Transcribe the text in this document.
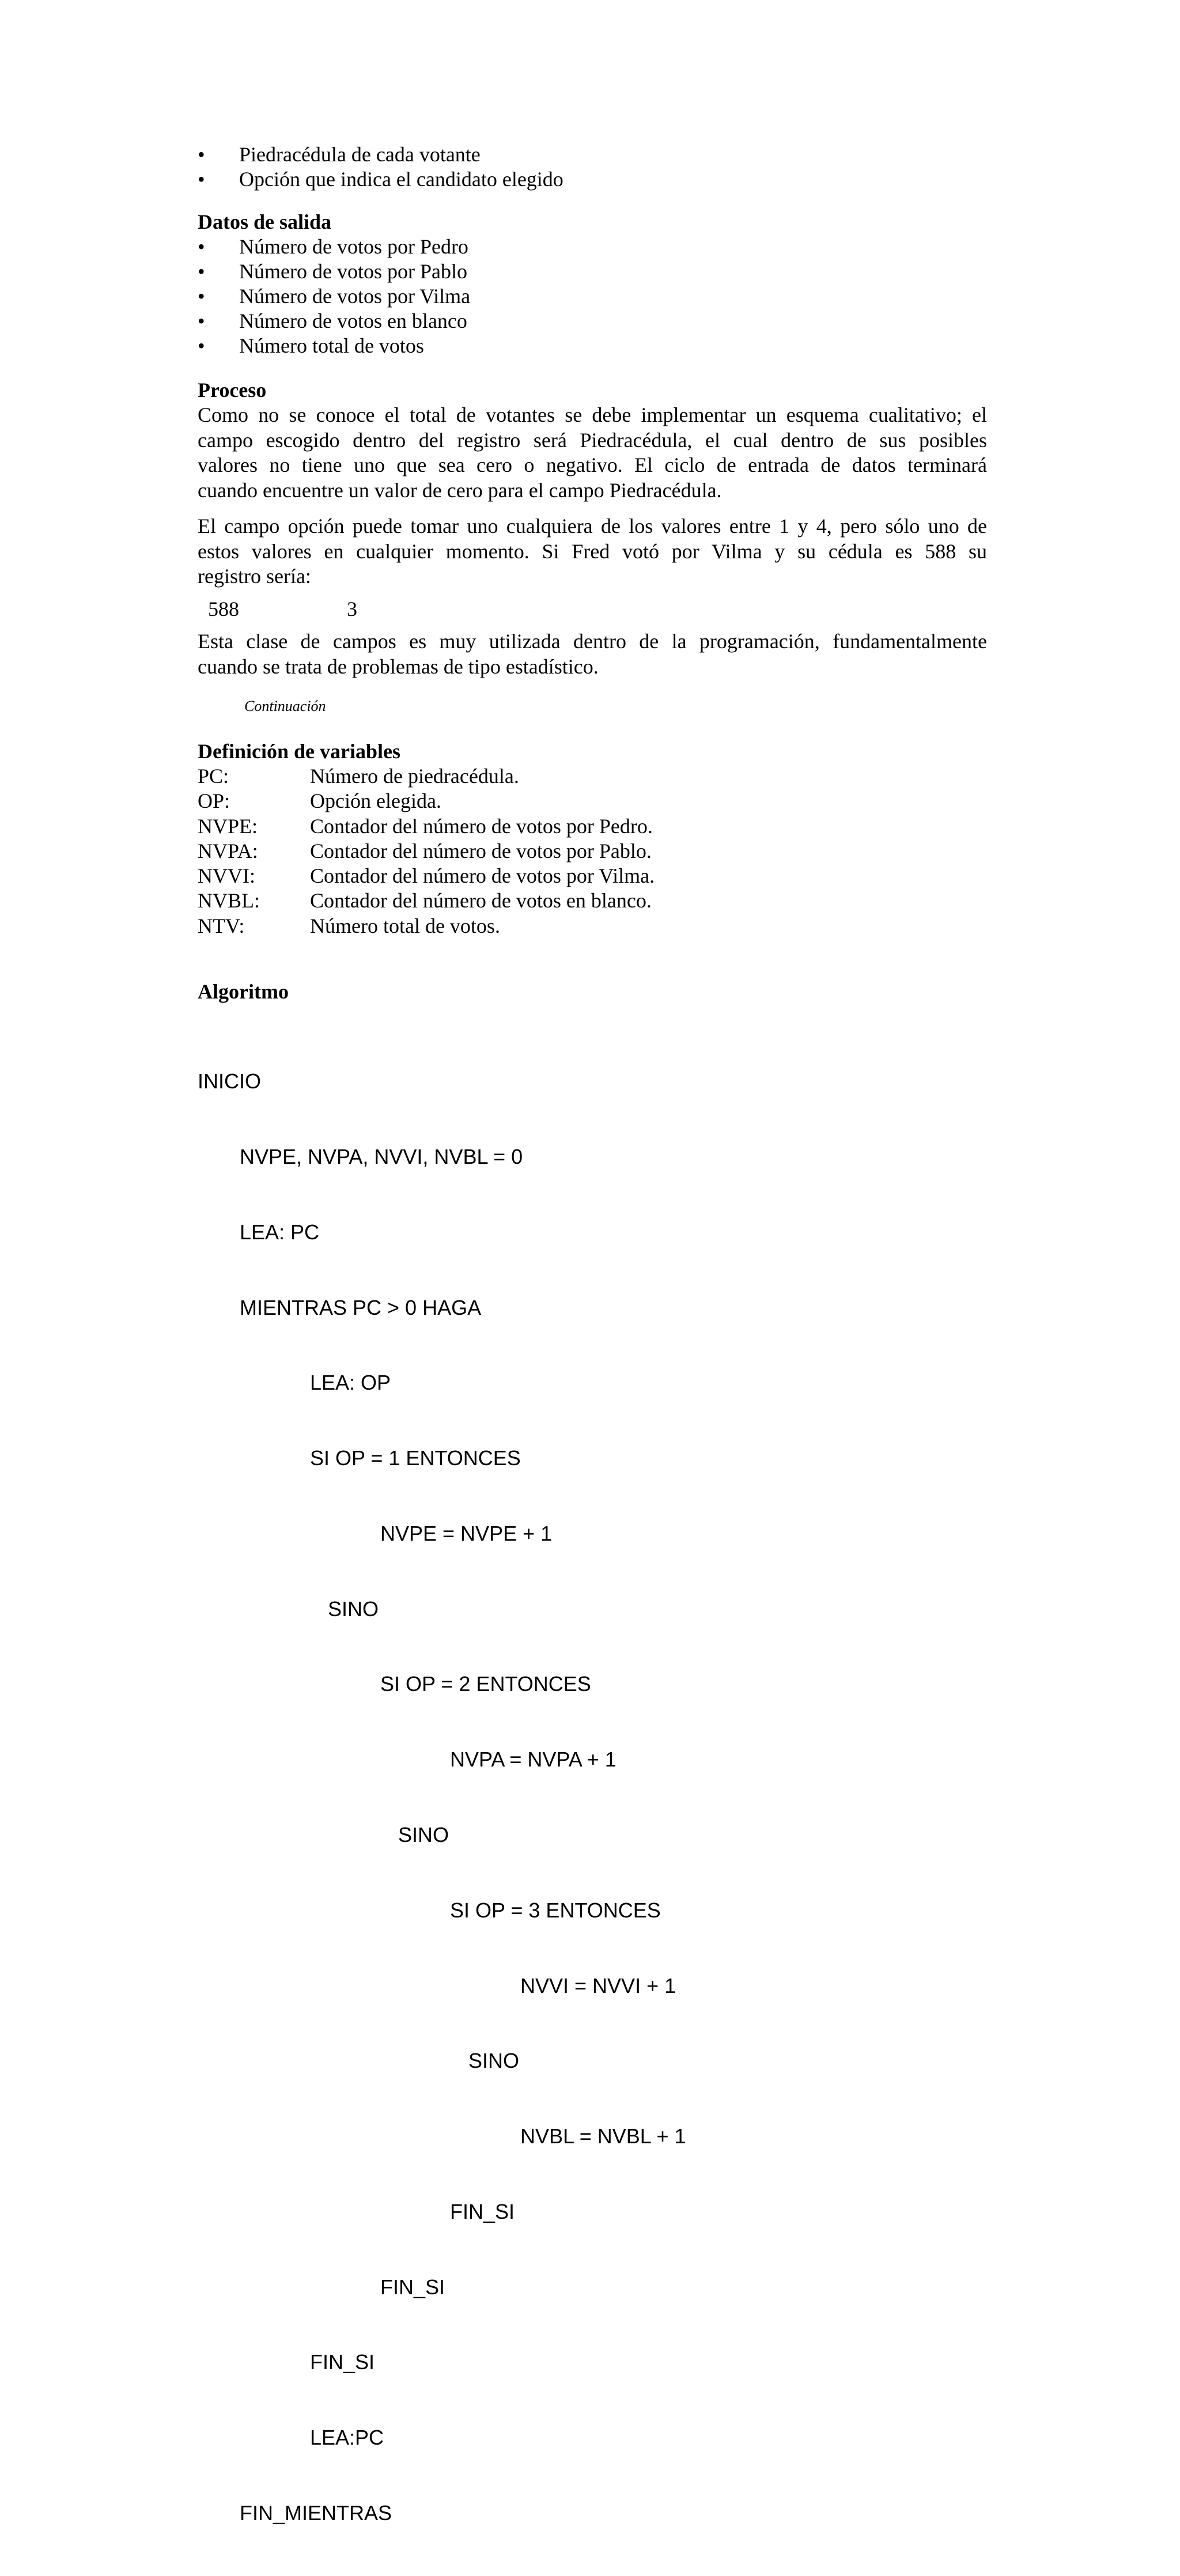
•	Piedracédula de cada votante
•	Opción que indica el candidato elegido
Datos de salida
•	Número de votos por Pedro
•	Número de votos por Pablo
•	Número de votos por Vilma
•	Número de votos en blanco
•	Número total de votos
Proceso
Como no se conoce el total de votantes se debe implementar un esquema cualitativo; el
campo escogido dentro del registro será Piedracédula, el cual dentro de sus posibles
valores no tiene uno que sea cero o negativo. El ciclo de entrada de datos terminará
cuando encuentre un valor de cero para el campo Piedracédula.
El campo opción puede tomar uno cualquiera de los valores entre 1 y 4, pero sólo uno de
estos valores en cualquier momento. Si Fred votó por Vilma y su cédula es 588 su
registro sería:
588	3
Esta clase de campos es muy utilizada dentro de la programación, fundamentalmente
cuando se trata de problemas de tipo estadístico.
Continuación
Definición de variables
PC:	Número de piedracédula.
OP:	Opción elegida.
NVPE:	Contador del número de votos por Pedro.
NVPA:	Contador del número de votos por Pablo.
NVVI:	Contador del número de votos por Vilma.
NVBL:	Contador del número de votos en blanco.
NTV:	Número total de votos.
Algoritmo

INICIO

NVPE, NVPA, NVVI, NVBL = 0

LEA: PC

MIENTRAS PC > 0 HAGA

LEA: OP

SI OP = 1 ENTONCES

NVPE = NVPE + 1

SINO

SI OP = 2 ENTONCES

NVPA = NVPA + 1

SINO

SI OP = 3 ENTONCES

NVVI = NVVI + 1

SINO

NVBL = NVBL + 1

FIN_SI

FIN_SI

FIN_SI

LEA:PC

FIN_MIENTRAS
